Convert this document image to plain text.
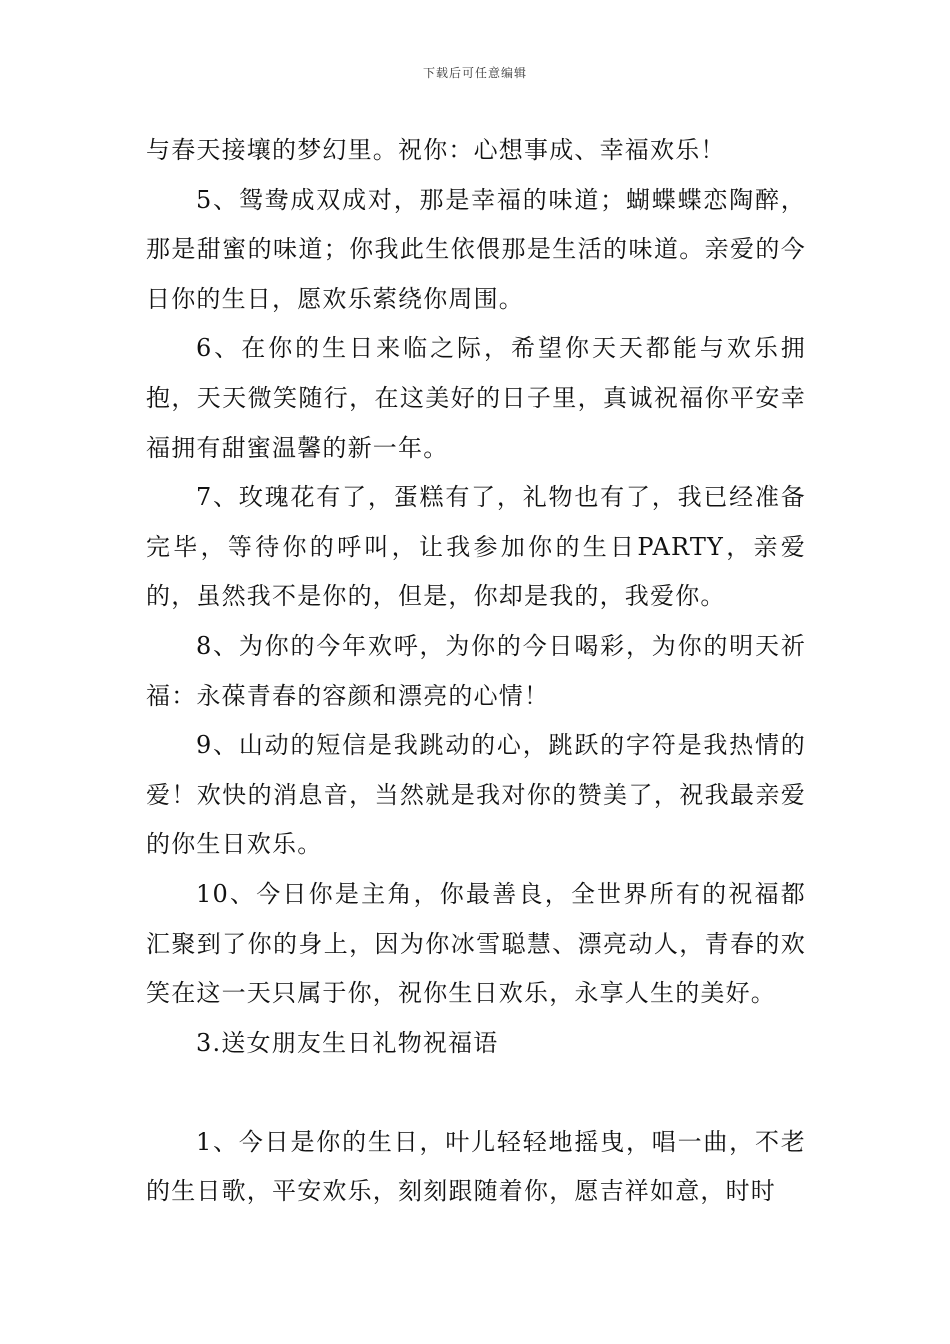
下载后可任意编辑

与春天接壤的梦幻里。祝你：心想事成、幸福欢乐！

5、鸳鸯成双成对，那是幸福的味道；蝴蝶蝶恋陶醉，那是甜蜜的味道；你我此生依偎那是生活的味道。亲爱的今日你的生日，愿欢乐萦绕你周围。

6、在你的生日来临之际，希望你天天都能与欢乐拥抱，天天微笑随行，在这美好的日子里，真诚祝福你平安幸福拥有甜蜜温馨的新一年。

7、玫瑰花有了，蛋糕有了，礼物也有了，我已经准备完毕，等待你的呼叫，让我参加你的生日PARTY，亲爱的，虽然我不是你的，但是，你却是我的，我爱你。

8、为你的今年欢呼，为你的今日喝彩，为你的明天祈福：永葆青春的容颜和漂亮的心情！

9、山动的短信是我跳动的心，跳跃的字符是我热情的爱！欢快的消息音，当然就是我对你的赞美了，祝我最亲爱的你生日欢乐。

10、今日你是主角，你最善良，全世界所有的祝福都汇聚到了你的身上，因为你冰雪聪慧、漂亮动人，青春的欢笑在这一天只属于你，祝你生日欢乐，永享人生的美好。

3.送女朋友生日礼物祝福语

1、今日是你的生日，叶儿轻轻地摇曳，唱一曲，不老的生日歌，平安欢乐，刻刻跟随着你，愿吉祥如意，时时
